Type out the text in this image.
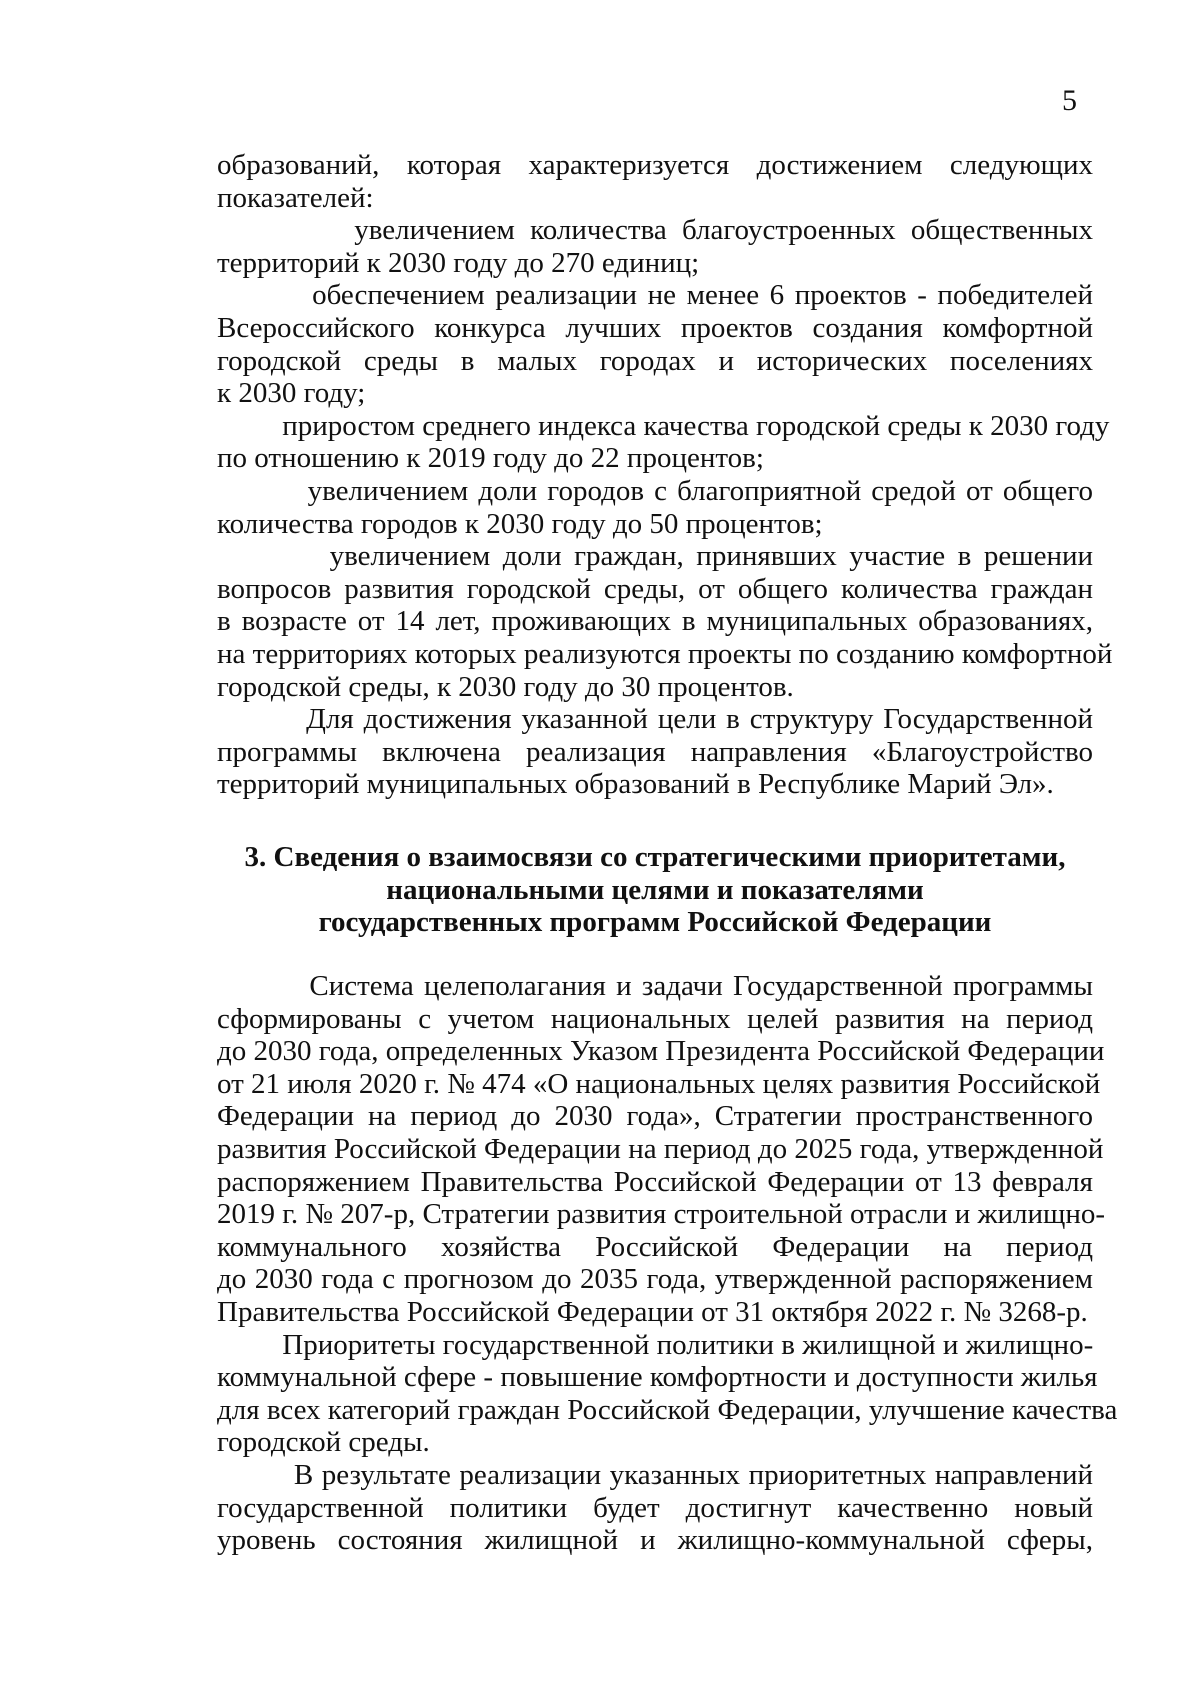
5

образований, которая характеризуется достижением следующих

показателей:

увеличением количества благоустроенных общественных

территорий к 2030 году до 270 единиц;

обеспечением реализации не менее 6 проектов - победителей

Всероссийского конкурса лучших проектов создания комфортной

городской среды в малых городах и исторических поселениях

к 2030 году;

приростом среднего индекса качества городской среды к 2030 году

по отношению к 2019 году до 22 процентов;

увеличением доли городов с благоприятной средой от общего

количества городов к 2030 году до 50 процентов;

увеличением доли граждан, принявших участие в решении

вопросов развития городской среды, от общего количества граждан

в возрасте от 14 лет, проживающих в муниципальных образованиях,

на территориях которых реализуются проекты по созданию комфортной

городской среды, к 2030 году до 30 процентов.

Для достижения указанной цели в структуру Государственной

программы включена реализация направления «Благоустройство

территорий муниципальных образований в Республике Марий Эл».

3. Сведения о взаимосвязи со стратегическими приоритетами,
национальными целями и показателями
государственных программ Российской Федерации

Система целеполагания и задачи Государственной программы

сформированы с учетом национальных целей развития на период

до 2030 года, определенных Указом Президента Российской Федерации

от 21 июля 2020 г. № 474 «О национальных целях развития Российской

Федерации на период до 2030 года», Стратегии пространственного

развития Российской Федерации на период до 2025 года, утвержденной

распоряжением Правительства Российской Федерации от 13 февраля

2019 г. № 207-р, Стратегии развития строительной отрасли и жилищно-

коммунального хозяйства Российской Федерации на период

до 2030 года с прогнозом до 2035 года, утвержденной распоряжением

Правительства Российской Федерации от 31 октября 2022 г. № 3268-р.

Приоритеты государственной политики в жилищной и жилищно-

коммунальной сфере - повышение комфортности и доступности жилья

для всех категорий граждан Российской Федерации, улучшение качества

городской среды.

В результате реализации указанных приоритетных направлений

государственной политики будет достигнут качественно новый

уровень состояния жилищной и жилищно-коммунальной сферы,
